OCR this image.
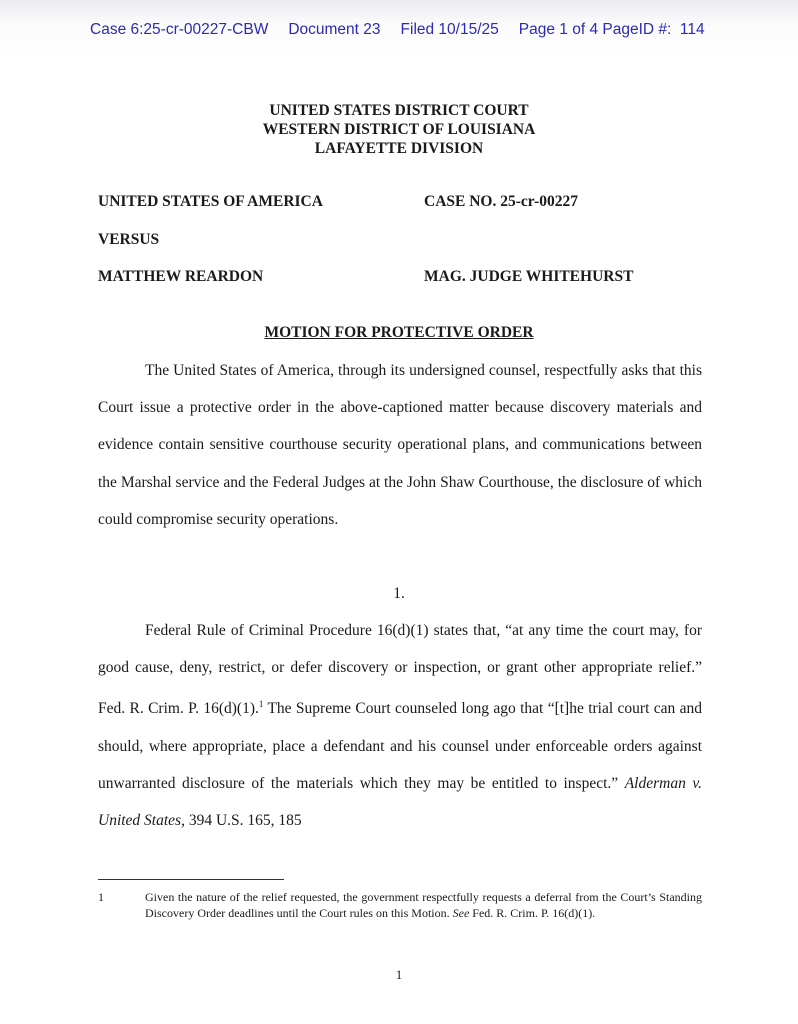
Case 6:25-cr-00227-CBW Document 23 Filed 10/15/25 Page 1 of 4 PageID #:  114
UNITED STATES DISTRICT COURT
WESTERN DISTRICT OF LOUISIANA
LAFAYETTE DIVISION
UNITED STATES OF AMERICA	CASE NO. 25-cr-00227
VERSUS
MATTHEW REARDON	MAG. JUDGE WHITEHURST
MOTION FOR PROTECTIVE ORDER
The United States of America, through its undersigned counsel, respectfully asks that this Court issue a protective order in the above-captioned matter because discovery materials and evidence contain sensitive courthouse security operational plans, and communications between the Marshal service and the Federal Judges at the John Shaw Courthouse, the disclosure of which could compromise security operations.
1.
Federal Rule of Criminal Procedure 16(d)(1) states that, “at any time the court may, for good cause, deny, restrict, or defer discovery or inspection, or grant other appropriate relief.” Fed. R. Crim. P. 16(d)(1).$^1$ The Supreme Court counseled long ago that “[t]he trial court can and should, where appropriate, place a defendant and his counsel under enforceable orders against unwarranted disclosure of the materials which they may be entitled to inspect.” Alderman v. United States, 394 U.S. 165, 185
1	Given the nature of the relief requested, the government respectfully requests a deferral from the Court’s Standing Discovery Order deadlines until the Court rules on this Motion. See Fed. R. Crim. P. 16(d)(1).
1
